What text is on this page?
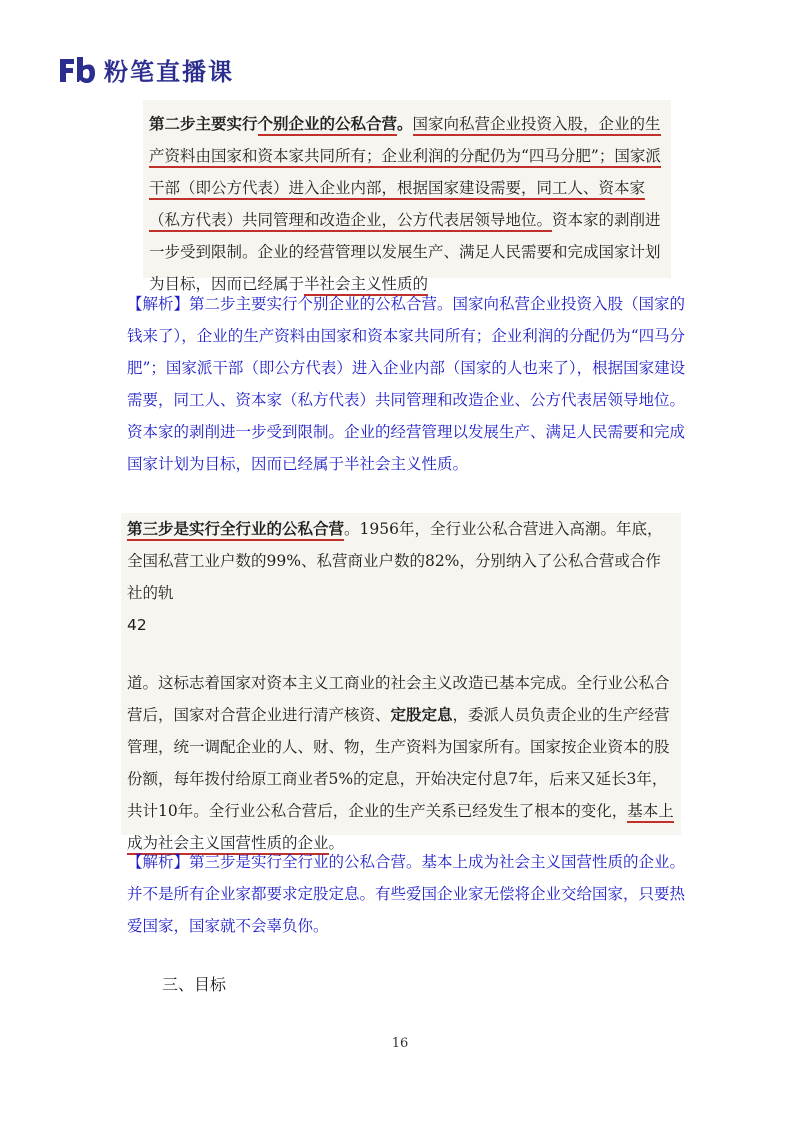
粉笔直播课

第二步主要实行个别企业的公私合营。国家向私营企业投资入股，企业的生产资料由国家和资本家共同所有；企业利润的分配仍为“四马分肥”；国家派干部（即公方代表）进入企业内部，根据国家建设需要，同工人、资本家（私方代表）共同管理和改造企业，公方代表居领导地位。资本家的剥削进一步受到限制。企业的经营管理以发展生产、满足人民需要和完成国家计划为目标，因而已经属于半社会主义性质的

【解析】第二步主要实行个别企业的公私合营。国家向私营企业投资入股（国家的钱来了），企业的生产资料由国家和资本家共同所有；企业利润的分配仍为“四马分肥”；国家派干部（即公方代表）进入企业内部（国家的人也来了），根据国家建设需要，同工人、资本家（私方代表）共同管理和改造企业、公方代表居领导地位。资本家的剥削进一步受到限制。企业的经营管理以发展生产、满足人民需要和完成国家计划为目标，因而已经属于半社会主义性质。

第三步是实行全行业的公私合营。1956年，全行业公私合营进入高潮。年底，全国私营工业户数的99%、私营商业户数的82%，分别纳入了公私合营或合作社的轨

42

道。这标志着国家对资本主义工商业的社会主义改造已基本完成。全行业公私合营后，国家对合营企业进行清产核资、定股定息，委派人员负责企业的生产经营管理，统一调配企业的人、财、物，生产资料为国家所有。国家按企业资本的股份额，每年拨付给原工商业者5%的定息，开始决定付息7年，后来又延长3年，共计10年。全行业公私合营后，企业的生产关系已经发生了根本的变化，基本上成为社会主义国营性质的企业。

【解析】第三步是实行全行业的公私合营。基本上成为社会主义国营性质的企业。并不是所有企业家都要求定股定息。有些爱国企业家无偿将企业交给国家，只要热爱国家，国家就不会辜负你。

三、目标
16
